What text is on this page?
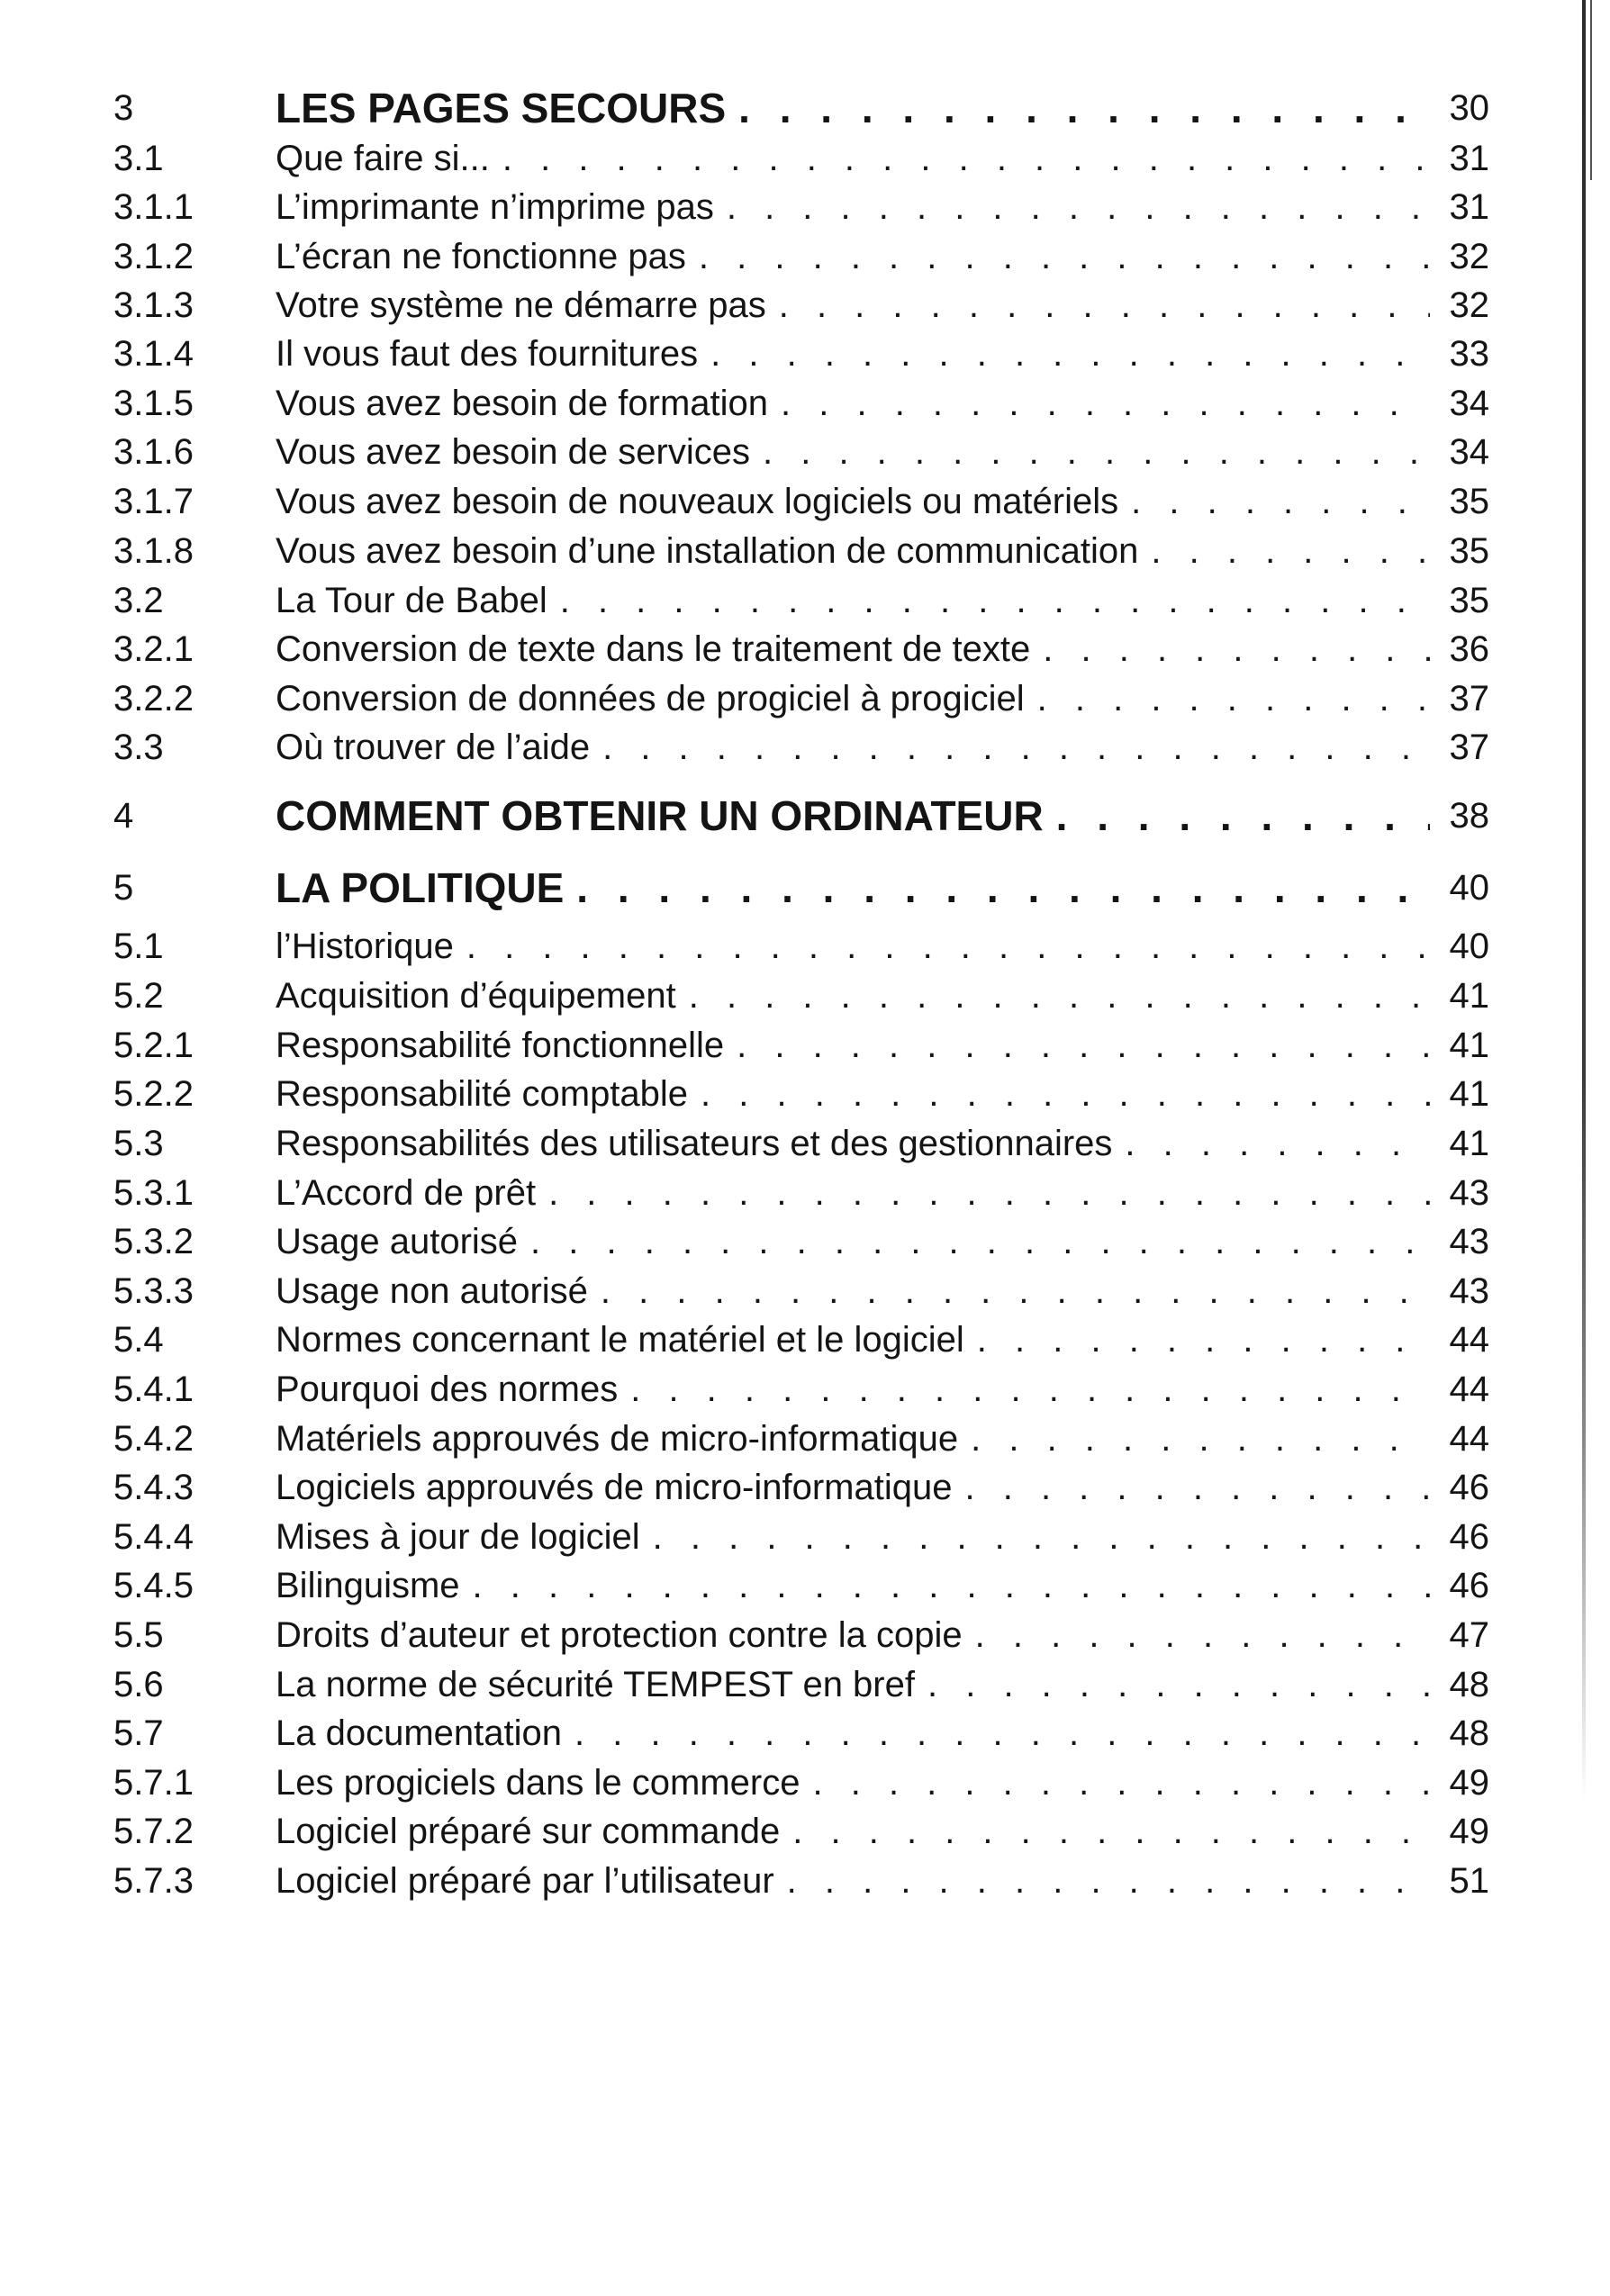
3	LES PAGES SECOURS . . .	30
3.1	Que faire si... . . .	31
3.1.1 L’imprimante n’imprime pas . . .	31
3.1.2 L’écran ne fonctionne pas . . .	32
3.1.3 Votre système ne démarre pas . . .	32
3.1.4 Il vous faut des fournitures . . .	33
3.1.5 Vous avez besoin de formation . . .	34
3.1.6 Vous avez besoin de services . . .	34
3.1.7 Vous avez besoin de nouveaux logiciels ou matériels . . .	35
3.1.8 Vous avez besoin d’une installation de communication . . .	35
3.2	La Tour de Babel . . .	35
3.2.1 Conversion de texte dans le traitement de texte . . .	36
3.2.2 Conversion de données de progiciel à progiciel . . .	37
3.3	Où trouver de l’aide . . .	37
4	COMMENT OBTENIR UN ORDINATEUR . . .	38
5	LA POLITIQUE . . .	40
5.1	l’Historique . . .	40
5.2	Acquisition d’équipement . . .	41
5.2.1 Responsabilité fonctionnelle . . .	41
5.2.2 Responsabilité comptable . . .	41
5.3	Responsabilités des utilisateurs et des gestionnaires . . .	41
5.3.1 L’Accord de prêt . . .	43
5.3.2 Usage autorisé . . .	43
5.3.3 Usage non autorisé . . .	43
5.4	Normes concernant le matériel et le logiciel . . .	44
5.4.1 Pourquoi des normes . . .	44
5.4.2 Matériels approuvés de micro-informatique . . .	44
5.4.3 Logiciels approuvés de micro-informatique . . .	46
5.4.4 Mises à jour de logiciel . . .	46
5.4.5 Bilinguisme . . .	46
5.5	Droits d’auteur et protection contre la copie . . .	47
5.6	La norme de sécurité TEMPEST en bref . . .	48
5.7	La documentation . . .	48
5.7.1 Les progiciels dans le commerce . . .	49
5.7.2 Logiciel préparé sur commande . . .	49
5.7.3 Logiciel préparé par l’utilisateur . . .	51
